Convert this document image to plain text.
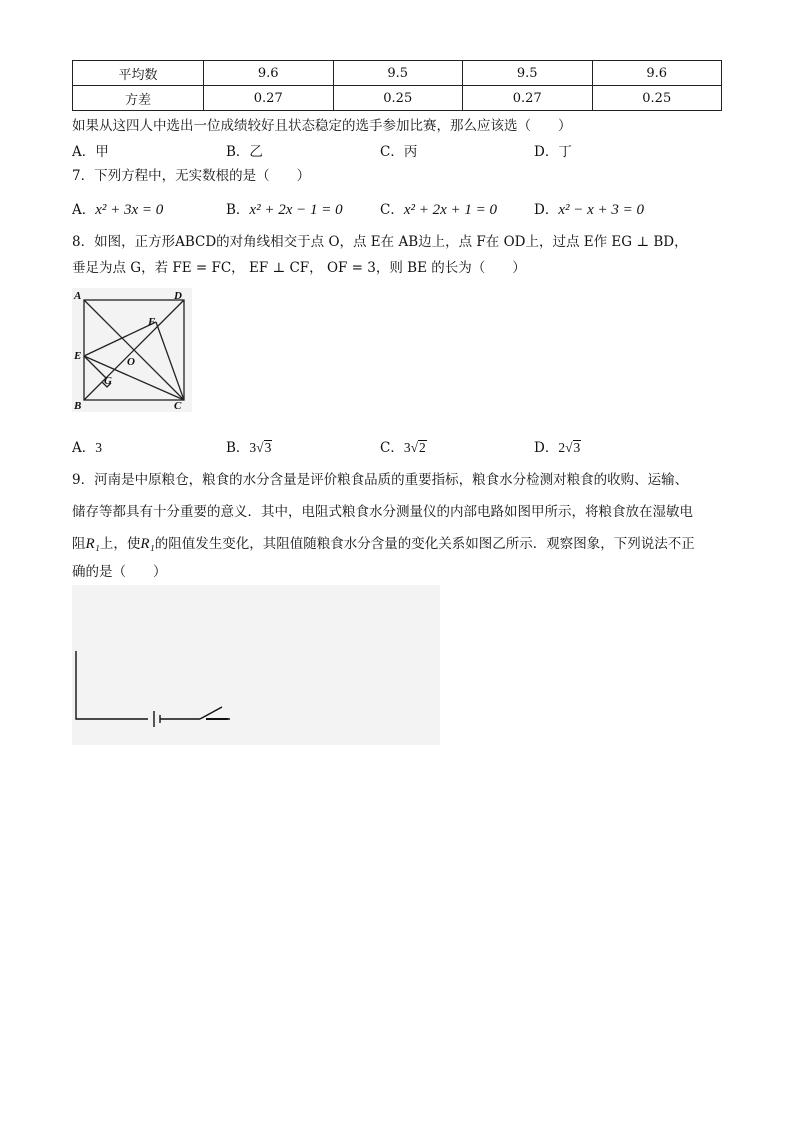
平均数	9.6	9.5	9.5	9.6
方差	0.27	0.25	0.27	0.25
如果从这四人中选出一位成绩较好且状态稳定的选手参加比赛，那么应该选（　　）
A．甲	B．乙	C．丙	D．丁
7．下列方程中，无实数根的是（　　）
A．x² + 3x = 0	B．x² + 2x − 1 = 0	C．x² + 2x + 1 = 0	D．x² − x + 3 = 0
8．如图，正方形ABCD的对角线相交于点 O，点 E在 AB边上，点 F在 OD上，过点 E作 EG ⊥ BD，
垂足为点 G，若 FE = FC， EF ⊥ CF， OF = 3，则 BE 的长为（　　）
A	D
E
F
O
G
B	C
A．3	B．3√3	C．3√2	D．2√3
9．河南是中原粮仓，粮食的水分含量是评价粮食品质的重要指标，粮食水分检测对粮食的收购、运输、
储存等都具有十分重要的意义．其中，电阻式粮食水分测量仪的内部电路如图甲所示，将粮食放在湿敏电
阻R₁上，使R₁的阻值发生变化，其阻值随粮食水分含量的变化关系如图乙所示．观察图象，下列说法不正
确的是（　　）
